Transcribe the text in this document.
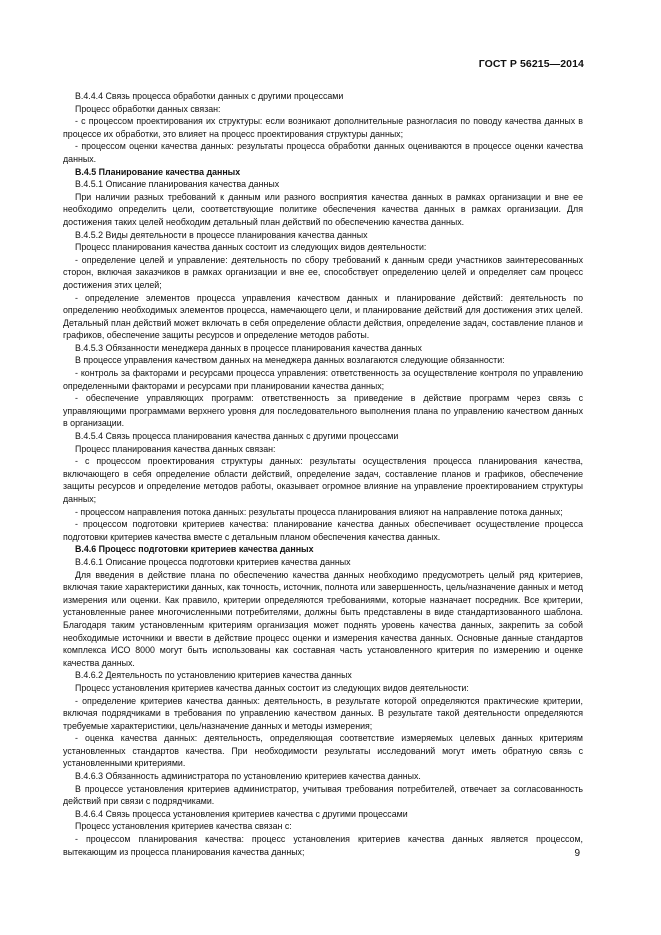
ГОСТ Р 56215—2014

В.4.4.4 Связь процесса обработки данных с другими процессами

Процесс обработки данных связан:

- с процессом проектирования их структуры: если возникают дополнительные разногласия по поводу качества данных в процессе их обработки, это влияет на процесс проектирования структуры данных;

- процессом оценки качества данных: результаты процесса обработки данных оцениваются в процессе оценки качества данных.

В.4.5 Планирование качества данных

В.4.5.1 Описание планирования качества данных

При наличии разных требований к данным или разного восприятия качества данных в рамках организации и вне ее необходимо определить цели, соответствующие политике обеспечения качества данных в рамках организации. Для достижения таких целей необходим детальный план действий по обеспечению качества данных.

В.4.5.2 Виды деятельности в процессе планирования качества данных

Процесс планирования качества данных состоит из следующих видов деятельности:

- определение целей и управление: деятельность по сбору требований к данным среди участников заинтересованных сторон, включая заказчиков в рамках организации и вне ее, способствует определению целей и определяет сам процесс достижения этих целей;

- определение элементов процесса управления качеством данных и планирование действий: деятельность по определению необходимых элементов процесса, намечающего цели, и планирование действий для достижения этих целей. Детальный план действий может включать в себя определение области действия, определение задач, составление планов и графиков, обеспечение защиты ресурсов и определение методов работы.

В.4.5.3 Обязанности менеджера данных в процессе планирования качества данных

В процессе управления качеством данных на менеджера данных возлагаются следующие обязанности:

- контроль за факторами и ресурсами процесса управления: ответственность за осуществление контроля по управлению определенными факторами и ресурсами при планировании качества данных;

- обеспечение управляющих программ: ответственность за приведение в действие программ через связь с управляющими программами верхнего уровня для последовательного выполнения плана по управлению качеством данных в организации.

В.4.5.4 Связь процесса планирования качества данных с другими процессами

Процесс планирования качества данных связан:

- с процессом проектирования структуры данных: результаты осуществления процесса планирования качества, включающего в себя определение области действий, определение задач, составление планов и графиков, обеспечение защиты ресурсов и определение методов работы, оказывает огромное влияние на управление проектированием структуры данных;

- процессом направления потока данных: результаты процесса планирования влияют на направление потока данных;

- процессом подготовки критериев качества: планирование качества данных обеспечивает осуществление процесса подготовки критериев качества вместе с детальным планом обеспечения качества данных.

В.4.6 Процесс подготовки критериев качества данных

В.4.6.1 Описание процесса подготовки критериев качества данных

Для введения в действие плана по обеспечению качества данных необходимо предусмотреть целый ряд критериев, включая такие характеристики данных, как точность, источник, полнота или завершенность, цель/назначение данных и метод измерения или оценки. Как правило, критерии определяются требованиями, которые назначает посредник. Все критерии, установленные ранее многочисленными потребителями, должны быть представлены в виде стандартизованного шаблона. Благодаря таким установленным критериям организация может поднять уровень качества данных, закрепить за собой необходимые источники и ввести в действие процесс оценки и измерения качества данных. Основные данные стандартов комплекса ИСО 8000 могут быть использованы как составная часть установленного критерия по измерению и оценке качества данных.

В.4.6.2 Деятельность по установлению критериев качества данных

Процесс установления критериев качества данных состоит из следующих видов деятельности:

- определение критериев качества данных: деятельность, в результате которой определяются практические критерии, включая подрядчиками в требования по управлению качеством данных. В результате такой деятельности определяются требуемые характеристики, цель/назначение данных и методы измерения;

- оценка качества данных: деятельность, определяющая соответствие измеряемых целевых данных критериям установленных стандартов качества. При необходимости результаты исследований могут иметь обратную связь с установленными критериями.

В.4.6.3 Обязанность администратора по установлению критериев качества данных.

В процессе установления критериев администратор, учитывая требования потребителей, отвечает за согласованность действий при связи с подрядчиками.

В.4.6.4 Связь процесса установления критериев качества с другими процессами

Процесс установления критериев качества связан с:

- процессом планирования качества: процесс установления критериев качества данных является процессом, вытекающим из процесса планирования качества данных;	9
